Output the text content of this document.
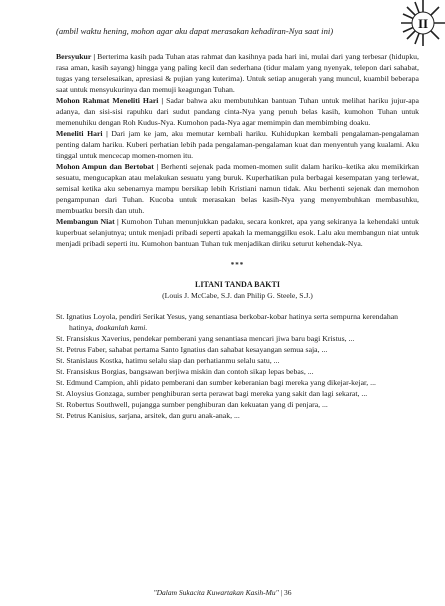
II
(ambil waktu hening, mohon agar aku dapat merasakan kehadiran-Nya saat ini)

Bersyukur | Berterima kasih pada Tuhan atas rahmat dan kasihnya pada hari ini, mulai dari yang terbesar (hidupku, rasa aman, kasih sayang) hingga yang paling kecil dan sederhana (tidur malam yang nyenyak, telepon dari sahabat, tugas yang terselesaikan, apresiasi & pujian yang kuterima). Untuk setiap anugerah yang muncul, kuambil beberapa saat untuk mensyukurinya dan memuji keagungan Tuhan.

Mohon Rahmat Meneliti Hari | Sadar bahwa aku membutuhkan bantuan Tuhan untuk melihat hariku jujur-apa adanya, dan sisi-sisi rapuhku dari sudut pandang cinta-Nya yang penuh belas kasih, kumohon Tuhan untuk memenuhiku dengan Roh Kudus-Nya. Kumohon pada-Nya agar memimpin dan membimbing doaku.

Meneliti Hari | Dari jam ke jam, aku memutar kembali hariku. Kuhidupkan kembali pengalaman-pengalaman penting dalam hariku. Kuberi perhatian lebih pada pengalaman-pengalaman kuat dan menyentuh yang kualami. Aku tinggal untuk mencecap momen-momen itu.

Mohon Ampun dan Bertobat | Berhenti sejenak pada momen-momen sulit dalam hariku–ketika aku memikirkan sesuatu, mengucapkan atau melakukan sesuatu yang buruk. Kuperhatikan pula berbagai kesempatan yang terlewat, semisal ketika aku sebenarnya mampu bersikap lebih Kristiani namun tidak. Aku berhenti sejenak dan memohon pengampunan dari Tuhan. Kucoba untuk merasakan belas kasih-Nya yang menyembuhkan membasuhku, membuatku bersih dan utuh.

Membangun Niat | Kumohon Tuhan menunjukkan padaku, secara konkret, apa yang sekiranya la kehendaki untuk kuperbuat selanjutnya; untuk menjadi pribadi seperti apakah la memanggilku esok. Lalu aku membangun niat untuk menjadi pribadi seperti itu. Kumohon bantuan Tuhan tuk menjadikan diriku seturut kehendak-Nya.

***

LITANI TANDA BAKTI

(Louis J. McCabe, S.J. dan Philip G. Steele, S.J.)

St. Ignatius Loyola, pendiri Serikat Yesus, yang senantiasa berkobar-kobar hatinya serta sempurna kerendahan hatinya, doakanlah kami.

St. Fransiskus Xaverius, pendekar pemberani yang senantiasa mencari jiwa baru bagi Kristus, ...

St. Petrus Faber, sahabat pertama Santo Ignatius dan sahabat kesayangan semua saja, ...

St. Stanislaus Kostka, hatimu selalu siap dan perhatianmu selalu satu, ...

St. Fransiskus Borgias, bangsawan berjiwa miskin dan contoh sikap lepas bebas, ...

St. Edmund Campion, ahli pidato pemberani dan sumber keberanian bagi mereka yang dikejar-kejar, ...

St. Aloysius Gonzaga, sumber penghiburan serta perawat bagi mereka yang sakit dan lagi sekarat, ...

St. Robertus Southwell, pujangga sumber penghiburan dan kekuatan yang di penjara, ...

St. Petrus Kanisius, sarjana, arsitek, dan guru anak-anak, ...

"Dalam Sukacita Kuwartakan Kasih-Mu" | 36
